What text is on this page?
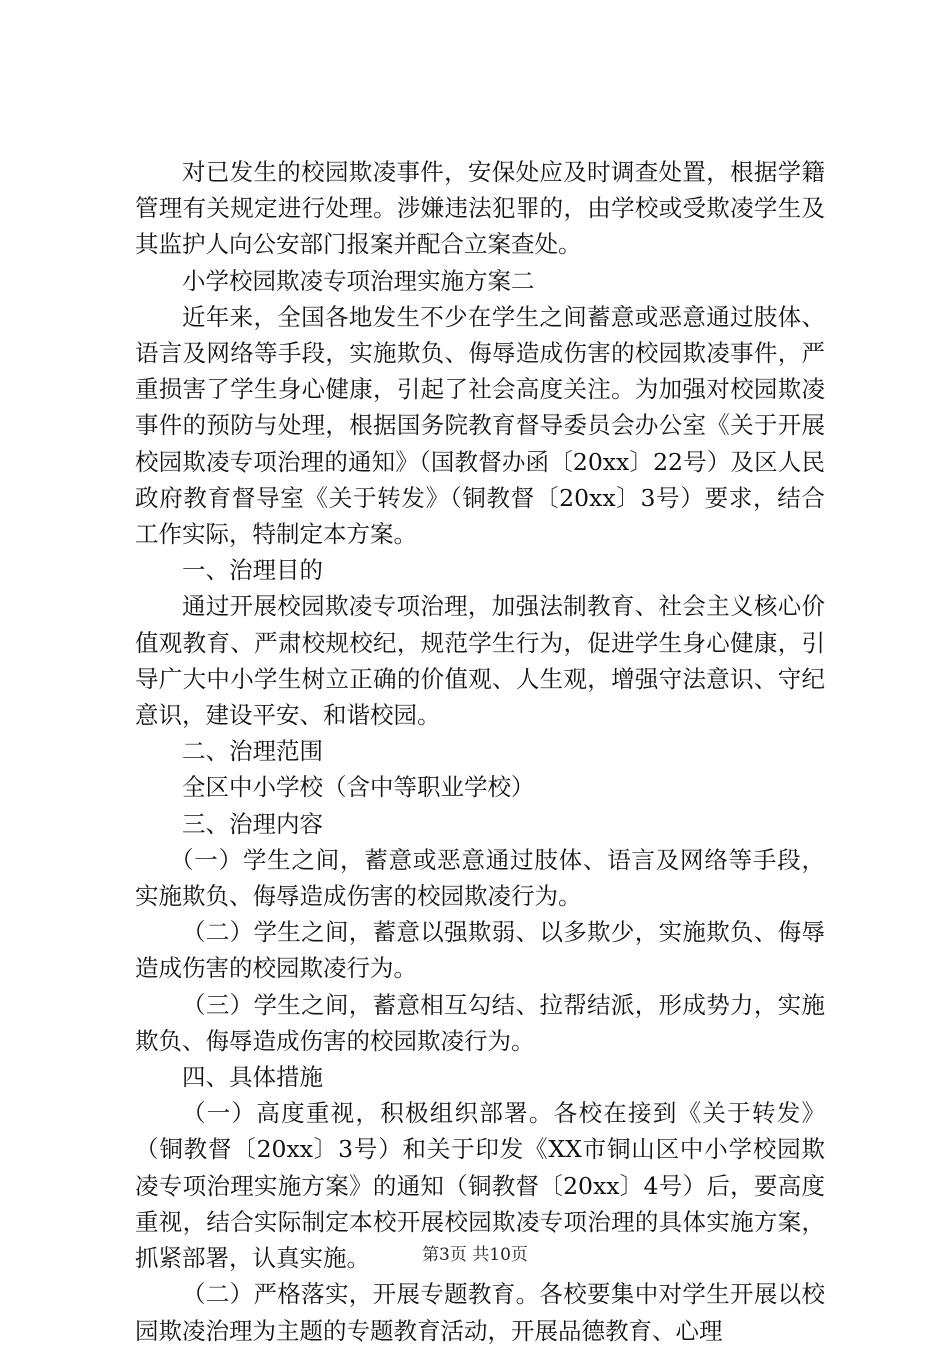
对已发生的校园欺凌事件，安保处应及时调查处置，根据学籍管理有关规定进行处理。涉嫌违法犯罪的，由学校或受欺凌学生及其监护人向公安部门报案并配合立案查处。

小学校园欺凌专项治理实施方案二

近年来，全国各地发生不少在学生之间蓄意或恶意通过肢体、语言及网络等手段，实施欺负、侮辱造成伤害的校园欺凌事件，严重损害了学生身心健康，引起了社会高度关注。为加强对校园欺凌事件的预防与处理，根据国务院教育督导委员会办公室《关于开展校园欺凌专项治理的通知》（国教督办函〔20xx〕22号）及区人民政府教育督导室《关于转发》（铜教督〔20xx〕3号）要求，结合工作实际，特制定本方案。

一、治理目的

通过开展校园欺凌专项治理，加强法制教育、社会主义核心价值观教育、严肃校规校纪，规范学生行为，促进学生身心健康，引导广大中小学生树立正确的价值观、人生观，增强守法意识、守纪意识，建设平安、和谐校园。

二、治理范围

全区中小学校（含中等职业学校）

三、治理内容

（一）学生之间，蓄意或恶意通过肢体、语言及网络等手段，实施欺负、侮辱造成伤害的校园欺凌行为。

（二）学生之间，蓄意以强欺弱、以多欺少，实施欺负、侮辱造成伤害的校园欺凌行为。

（三）学生之间，蓄意相互勾结、拉帮结派，形成势力，实施欺负、侮辱造成伤害的校园欺凌行为。

四、具体措施

（一）高度重视，积极组织部署。各校在接到《关于转发》（铜教督〔20xx〕3号）和关于印发《XX市铜山区中小学校园欺凌专项治理实施方案》的通知（铜教督〔20xx〕4号）后，要高度重视，结合实际制定本校开展校园欺凌专项治理的具体实施方案，抓紧部署，认真实施。

（二）严格落实，开展专题教育。各校要集中对学生开展以校园欺凌治理为主题的专题教育活动，开展品德教育、心理

第3页 共10页
